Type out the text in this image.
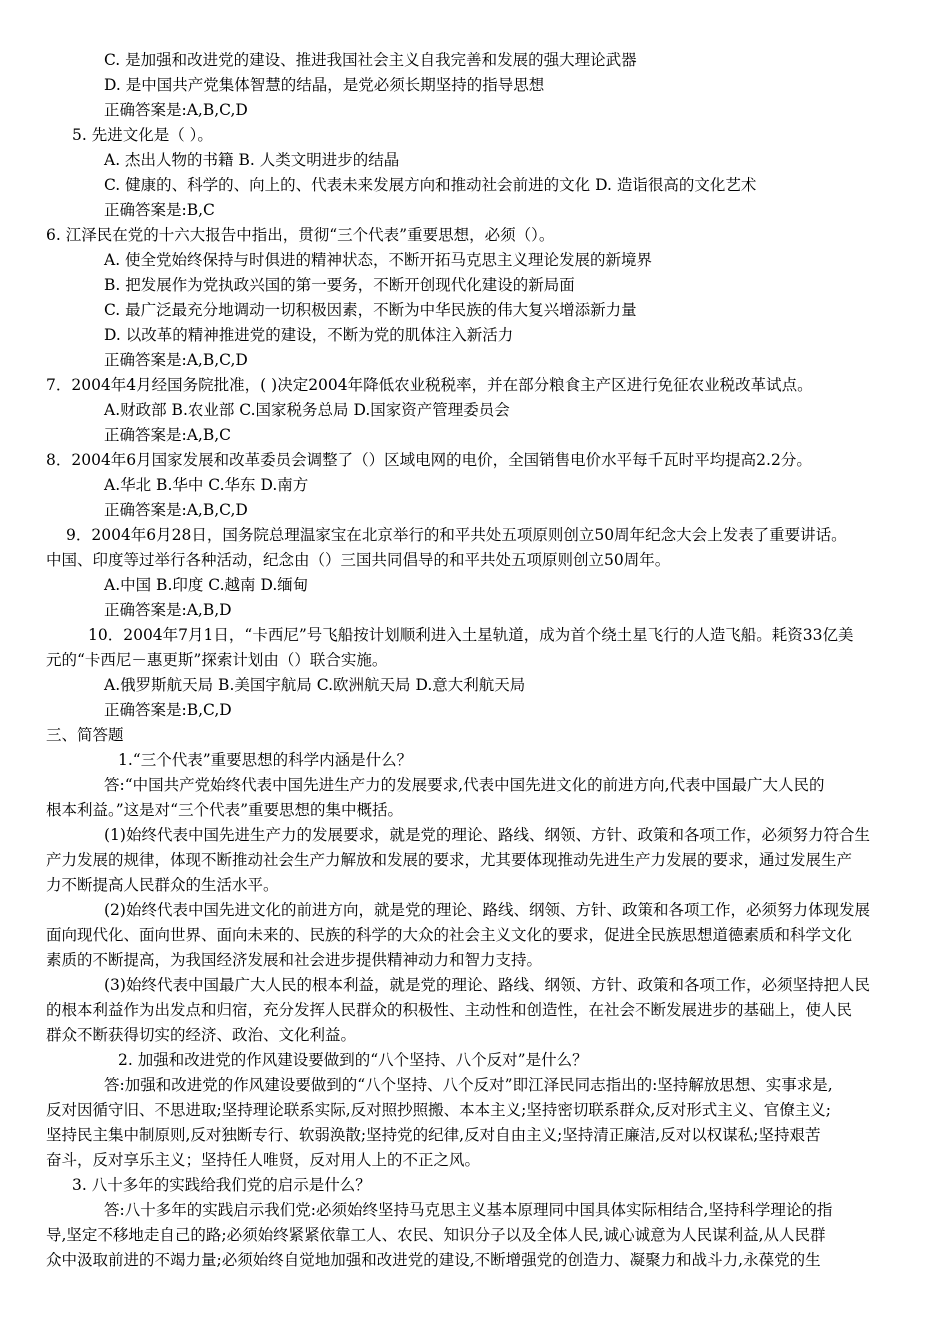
C. 是加强和改进党的建设、推进我国社会主义自我完善和发展的强大理论武器
D. 是中国共产党集体智慧的结晶，是党必须长期坚持的指导思想
正确答案是:A,B,C,D
5. 先进文化是（ ）。
A. 杰出人物的书籍 B. 人类文明进步的结晶
C. 健康的、科学的、向上的、代表未来发展方向和推动社会前进的文化 D. 造诣很高的文化艺术
正确答案是:B,C
6. 江泽民在党的十六大报告中指出，贯彻“三个代表”重要思想，必须（）。
A. 使全党始终保持与时俱进的精神状态，不断开拓马克思主义理论发展的新境界
B. 把发展作为党执政兴国的第一要务，不断开创现代化建设的新局面
C. 最广泛最充分地调动一切积极因素，不断为中华民族的伟大复兴增添新力量
D. 以改革的精神推进党的建设，不断为党的肌体注入新活力
正确答案是:A,B,C,D
7．2004年4月经国务院批准，( )决定2004年降低农业税税率，并在部分粮食主产区进行免征农业税改革试点。
A.财政部 B.农业部 C.国家税务总局 D.国家资产管理委员会
正确答案是:A,B,C
8．2004年6月国家发展和改革委员会调整了（）区域电网的电价，全国销售电价水平每千瓦时平均提高2.2分。
A.华北 B.华中 C.华东 D.南方
正确答案是:A,B,C,D
9．2004年6月28日，国务院总理温家宝在北京举行的和平共处五项原则创立50周年纪念大会上发表了重要讲话。
中国、印度等过举行各种活动，纪念由（）三国共同倡导的和平共处五项原则创立50周年。
A.中国 B.印度 C.越南 D.缅甸
正确答案是:A,B,D
10．2004年7月1日，“卡西尼”号飞船按计划顺利进入土星轨道，成为首个绕土星飞行的人造飞船。耗资33亿美
元的“卡西尼－惠更斯”探索计划由（）联合实施。
A.俄罗斯航天局 B.美国宇航局 C.欧洲航天局 D.意大利航天局
正确答案是:B,C,D
三、简答题
1.“三个代表”重要思想的科学内涵是什么？
答:“中国共产党始终代表中国先进生产力的发展要求,代表中国先进文化的前进方向,代表中国最广大人民的
根本利益。”这是对“三个代表”重要思想的集中概括。
(1)始终代表中国先进生产力的发展要求，就是党的理论、路线、纲领、方针、政策和各项工作，必须努力符合生
产力发展的规律，体现不断推动社会生产力解放和发展的要求，尤其要体现推动先进生产力发展的要求，通过发展生产
力不断提高人民群众的生活水平。
(2)始终代表中国先进文化的前进方向，就是党的理论、路线、纲领、方针、政策和各项工作，必须努力体现发展
面向现代化、面向世界、面向未来的、民族的科学的大众的社会主义文化的要求，促进全民族思想道德素质和科学文化
素质的不断提高，为我国经济发展和社会进步提供精神动力和智力支持。
(3)始终代表中国最广大人民的根本利益，就是党的理论、路线、纲领、方针、政策和各项工作，必须坚持把人民
的根本利益作为出发点和归宿，充分发挥人民群众的积极性、主动性和创造性，在社会不断发展进步的基础上，使人民
群众不断获得切实的经济、政治、文化利益。
2. 加强和改进党的作风建设要做到的“八个坚持、八个反对”是什么？
答:加强和改进党的作风建设要做到的“八个坚持、八个反对”即江泽民同志指出的:坚持解放思想、实事求是,
反对因循守旧、不思进取;坚持理论联系实际,反对照抄照搬、本本主义;坚持密切联系群众,反对形式主义、官僚主义;
坚持民主集中制原则,反对独断专行、软弱涣散;坚持党的纪律,反对自由主义;坚持清正廉洁,反对以权谋私;坚持艰苦
奋斗，反对享乐主义；坚持任人唯贤，反对用人上的不正之风。
3. 八十多年的实践给我们党的启示是什么？
答:八十多年的实践启示我们党:必须始终坚持马克思主义基本原理同中国具体实际相结合,坚持科学理论的指
导,坚定不移地走自己的路;必须始终紧紧依靠工人、农民、知识分子以及全体人民,诚心诚意为人民谋利益,从人民群
众中汲取前进的不竭力量;必须始终自觉地加强和改进党的建设,不断增强党的创造力、凝聚力和战斗力,永葆党的生
